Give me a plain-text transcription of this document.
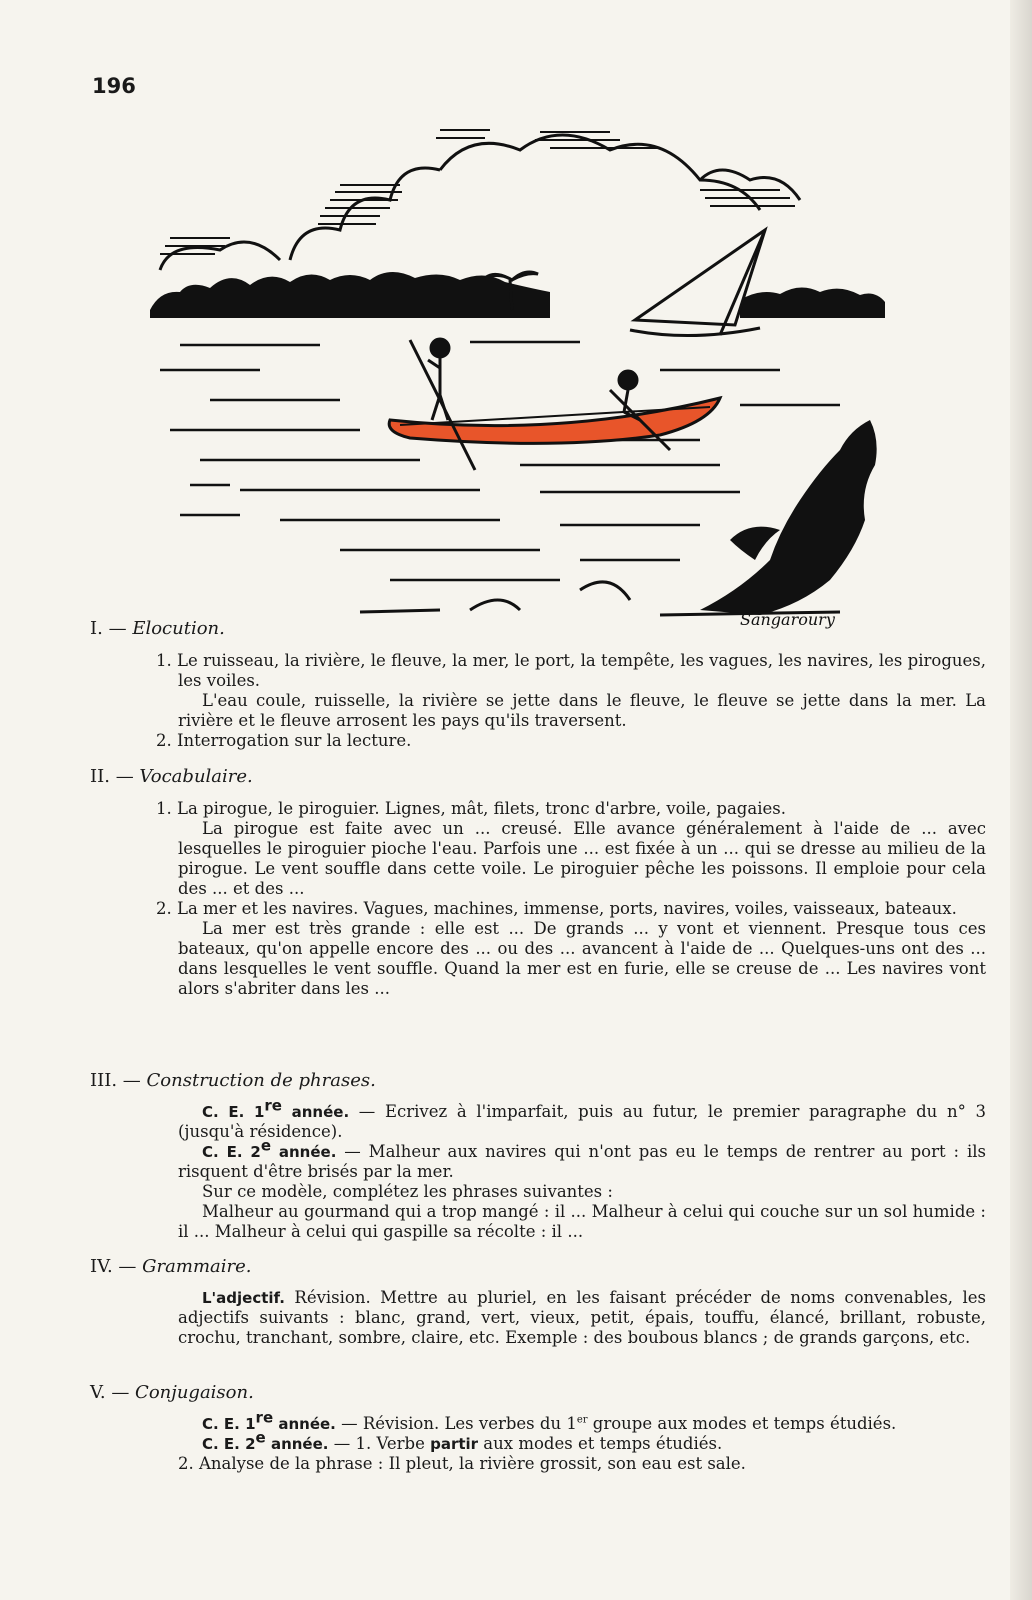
196
Sangaroury
I. — Elocution.

1. Le ruisseau, la rivière, le fleuve, la mer, le port, la tempête, les vagues, les navires, les pirogues, les voiles.

L'eau coule, ruisselle, la rivière se jette dans le fleuve, le fleuve se jette dans la mer. La rivière et le fleuve arrosent les pays qu'ils traversent.

2. Interrogation sur la lecture.

II. — Vocabulaire.

1. La pirogue, le piroguier. Lignes, mât, filets, tronc d'arbre, voile, pagaies.

La pirogue est faite avec un ... creusé. Elle avance généralement à l'aide de ... avec lesquelles le piroguier pioche l'eau. Parfois une ... est fixée à un ... qui se dresse au milieu de la pirogue. Le vent souffle dans cette voile. Le piroguier pêche les poissons. Il emploie pour cela des ... et des ...

2. La mer et les navires. Vagues, machines, immense, ports, navires, voiles, vaisseaux, bateaux.

La mer est très grande : elle est ... De grands ... y vont et viennent. Presque tous ces bateaux, qu'on appelle encore des ... ou des ... avancent à l'aide de ... Quelques-uns ont des ... dans lesquelles le vent souffle. Quand la mer est en furie, elle se creuse de ... Les navires vont alors s'abriter dans les ...

III. — Construction de phrases.

C. E. 1re année. — Ecrivez à l'imparfait, puis au futur, le premier paragraphe du n° 3 (jusqu'à résidence).

C. E. 2e année. — Malheur aux navires qui n'ont pas eu le temps de rentrer au port : ils risquent d'être brisés par la mer.

Sur ce modèle, complétez les phrases suivantes :

Malheur au gourmand qui a trop mangé : il ... Malheur à celui qui couche sur un sol humide : il ... Malheur à celui qui gaspille sa récolte : il ...

IV. — Grammaire.

L'adjectif. Révision. Mettre au pluriel, en les faisant précéder de noms convenables, les adjectifs suivants : blanc, grand, vert, vieux, petit, épais, touffu, élancé, brillant, robuste, crochu, tranchant, sombre, claire, etc. Exemple : des boubous blancs ; de grands garçons, etc.

V. — Conjugaison.

C. E. 1re année. — Révision. Les verbes du 1er groupe aux modes et temps étudiés.

C. E. 2e année. — 1. Verbe partir aux modes et temps étudiés.

2. Analyse de la phrase : Il pleut, la rivière grossit, son eau est sale.
